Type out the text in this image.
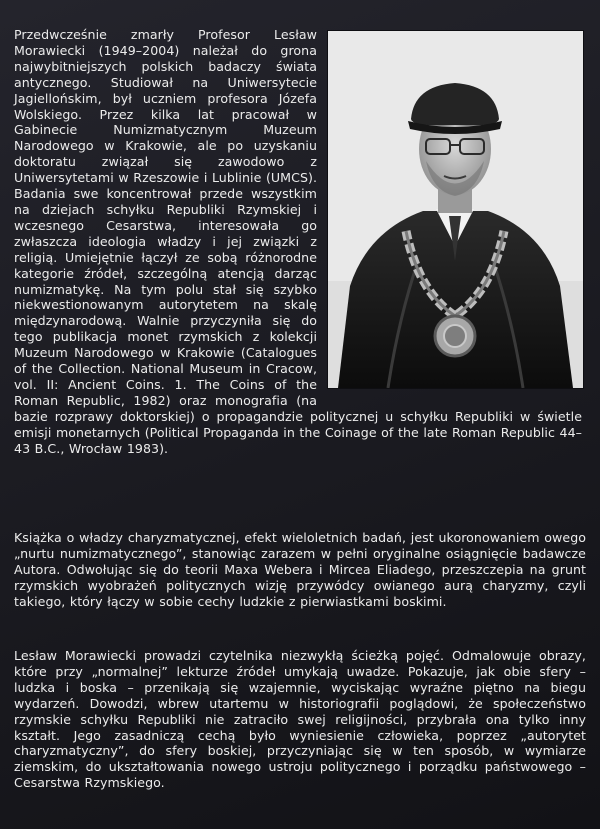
Przedwcześnie zmarły Profesor Lesław Morawiecki (1949–2004) należał do grona najwybitniejszych polskich badaczy świata antycznego. Studiował na Uniwersytecie Jagiellońskim, był uczniem profesora Józefa Wolskiego. Przez kilka lat pracował w Gabinecie Numizmatycznym Muzeum Narodowego w Krakowie, ale po uzyskaniu doktoratu związał się zawodowo z Uniwersytetami w Rzeszowie i Lublinie (UMCS). Badania swe koncentrował przede wszystkim na dziejach schyłku Republiki Rzymskiej i wczesnego Cesarstwa, interesowała go zwłaszcza ideologia władzy i jej związki z religią. Umiejętnie łączył ze sobą różnorodne kategorie źródeł, szczególną atencją darząc numizmatykę. Na tym polu stał się szybko niekwestionowanym autorytetem na skalę międzynarodową. Walnie przyczyniła się do tego publikacja monet rzymskich z kolekcji Muzeum Narodowego w Krakowie (Catalogues of the Collection. National Museum in Cracow, vol. II: Ancient Coins. 1. The Coins of the Roman Republic, 1982) oraz monografia (na bazie rozprawy doktorskiej) o propagandzie politycznej u schyłku Republiki w świetle emisji monetarnych (Political Propaganda in the Coinage of the late Roman Republic 44–43 B.C., Wrocław 1983).

Książka o władzy charyzmatycznej, efekt wieloletnich badań, jest ukoronowaniem owego „nurtu numizmatycznego”, stanowiąc zarazem w pełni oryginalne osiągnięcie badawcze Autora. Odwołując się do teorii Maxa Webera i Mircea Eliadego, przeszczepia na grunt rzymskich wyobrażeń politycznych wizję przywódcy owianego aurą charyzmy, czyli takiego, który łączy w sobie cechy ludzkie z pierwiastkami boskimi.

Lesław Morawiecki prowadzi czytelnika niezwykłą ścieżką pojęć. Odmalowuje obrazy, które przy „normalnej” lekturze źródeł umykają uwadze. Pokazuje, jak obie sfery – ludzka i boska – przenikają się wzajemnie, wyciskając wyraźne piętno na biegu wydarzeń. Dowodzi, wbrew utartemu w historiografii poglądowi, że społeczeństwo rzymskie schyłku Republiki nie zatraciło swej religijności, przybrała ona tylko inny kształt. Jego zasadniczą cechą było wyniesienie człowieka, poprzez „autorytet charyzmatyczny”, do sfery boskiej, przyczyniając się w ten sposób, w wymiarze ziemskim, do ukształtowania nowego ustroju politycznego i porządku państwowego – Cesarstwa Rzymskiego.
